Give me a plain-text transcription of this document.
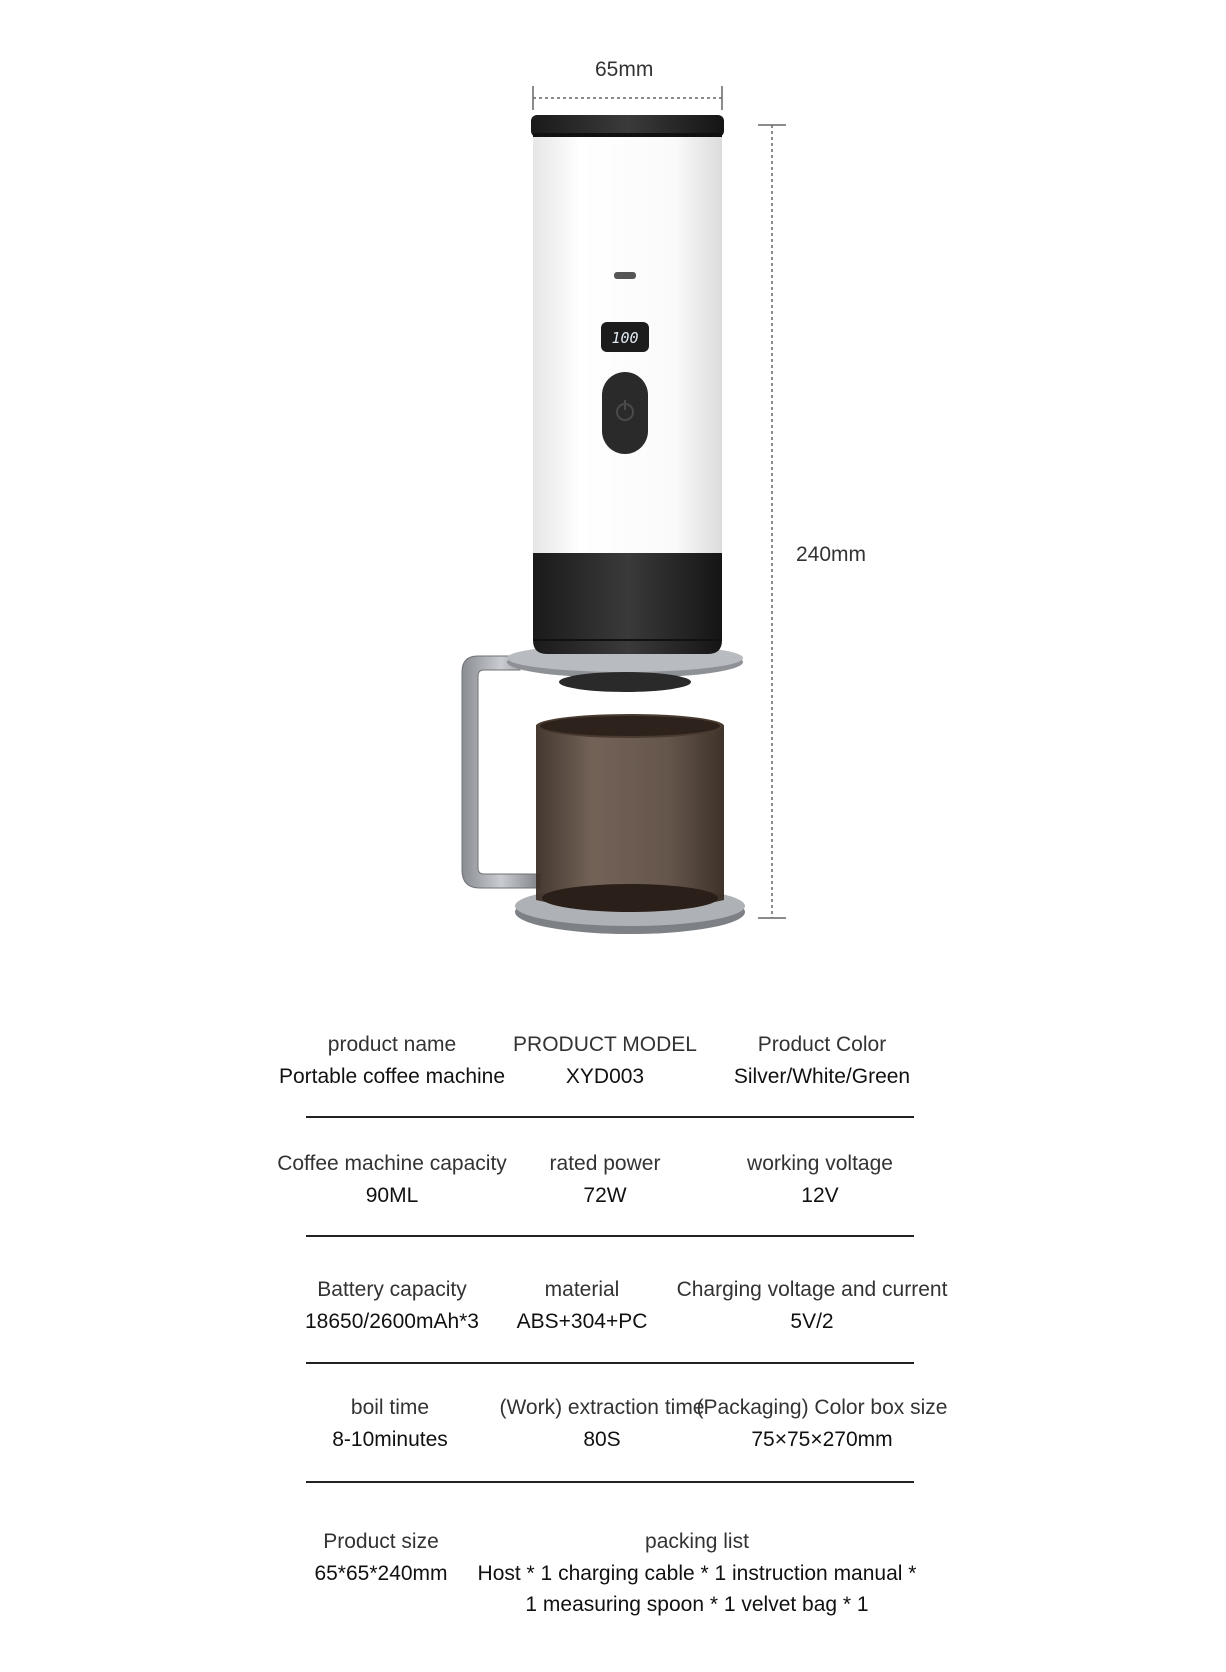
100
65mm
240mm
product name
Portable coffee machine
PRODUCT MODEL
XYD003
Product Color
Silver/White/Green
Coffee machine capacity
90ML
rated power
72W
working voltage
12V
Battery capacity
18650/2600mAh*3
material
ABS+304+PC
Charging voltage and current
5V/2
boil time
8-10minutes
(Work) extraction time
80S
(Packaging) Color box size
75×75×270mm
Product size
65*65*240mm
packing list
Host * 1 charging cable * 1 instruction manual *
1 measuring spoon * 1 velvet bag * 1
